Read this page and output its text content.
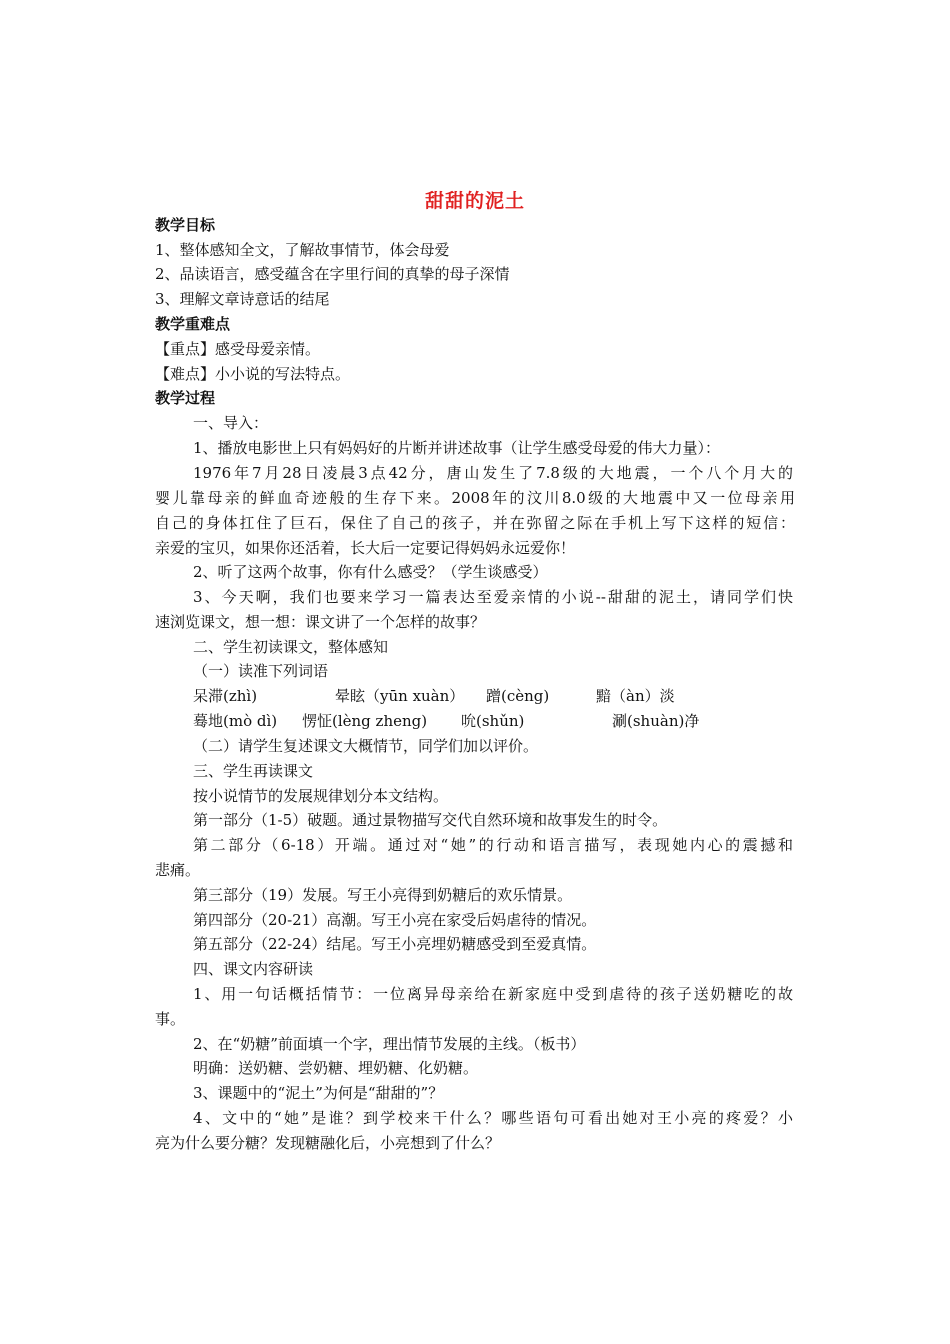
甜甜的泥土
教学目标
1、整体感知全文，了解故事情节，体会母爱
2、品读语言，感受蕴含在字里行间的真挚的母子深情
3、理解文章诗意话的结尾
教学重难点
【重点】感受母爱亲情。
【难点】小小说的写法特点。
教学过程
一、导入：
1、播放电影世上只有妈妈好的片断并讲述故事（让学生感受母爱的伟大力量）：
1976年7月28日凌晨3点42分，唐山发生了7.8级的大地震，一个八个月大的
婴儿靠母亲的鲜血奇迹般的生存下来。2008年的汶川8.0级的大地震中又一位母亲用
自己的身体扛住了巨石，保住了自己的孩子，并在弥留之际在手机上写下这样的短信：
亲爱的宝贝，如果你还活着，长大后一定要记得妈妈永远爱你！
2、听了这两个故事，你有什么感受？（学生谈感受）
3、今天啊，我们也要来学习一篇表达至爱亲情的小说--甜甜的泥土，请同学们快
速浏览课文，想一想：课文讲了一个怎样的故事？
二、学生初读课文，整体感知
（一）读准下列词语
呆滞(zhì)	晕眩（yūn xuàn） 蹭(cèng)	黯（àn）淡
蓦地(mò dì) 愣怔(lèng zheng) 吮(shǔn)	涮(shuàn)净
（二）请学生复述课文大概情节，同学们加以评价。
三、学生再读课文
按小说情节的发展规律划分本文结构。
第一部分（1-5）破题。通过景物描写交代自然环境和故事发生的时令。
第二部分（6-18）开端。通过对“她”的行动和语言描写，表现她内心的震撼和
悲痛。
第三部分（19）发展。写王小亮得到奶糖后的欢乐情景。
第四部分（20-21）高潮。写王小亮在家受后妈虐待的情况。
第五部分（22-24）结尾。写王小亮埋奶糖感受到至爱真情。
四、课文内容研读
1、用一句话概括情节：一位离异母亲给在新家庭中受到虐待的孩子送奶糖吃的故
事。
2、在“奶糖”前面填一个字，理出情节发展的主线。（板书）
明确：送奶糖、尝奶糖、埋奶糖、化奶糖。
3、课题中的“泥土”为何是“甜甜的”？
4、文中的“她”是谁？到学校来干什么？哪些语句可看出她对王小亮的疼爱？小
亮为什么要分糖？发现糖融化后，小亮想到了什么？
